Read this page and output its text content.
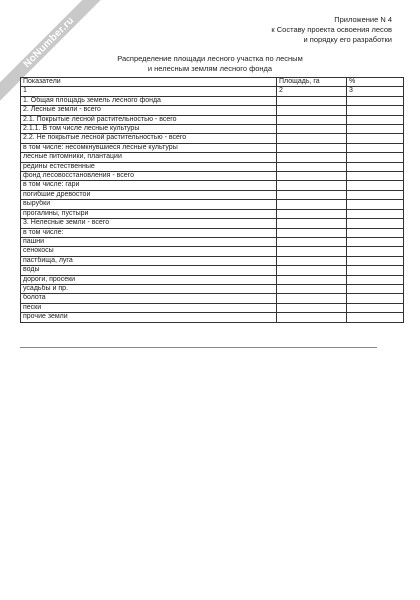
NoNumber.ru	Приложение N 4
к Составу проекта освоения лесов
и порядку его разработки
Распределение площади лесного участка по лесным
и нелесным землям лесного фонда
Показатели	Площадь, га	%
1	2	3
1. Общая площадь земель лесного фонда		
2. Лесные земли - всего		
2.1. Покрытые лесной растительностью - всего		
2.1.1. В том числе лесные культуры		
2.2. Не покрытые лесной растительностью - всего		
в том числе: несомкнувшиеся лесные культуры		
лесные питомники, плантации		
редины естественные		
фонд лесовосстановления - всего		
в том числе: гари		
погибшие древостои		
вырубки		
прогалины, пустыри		
3. Нелесные земли - всего		
в том числе:		
пашни		
сенокосы		
пастбища, луга		
воды		
дороги, просеки		
усадьбы и пр.		
болота		
пески		
прочие земли		
